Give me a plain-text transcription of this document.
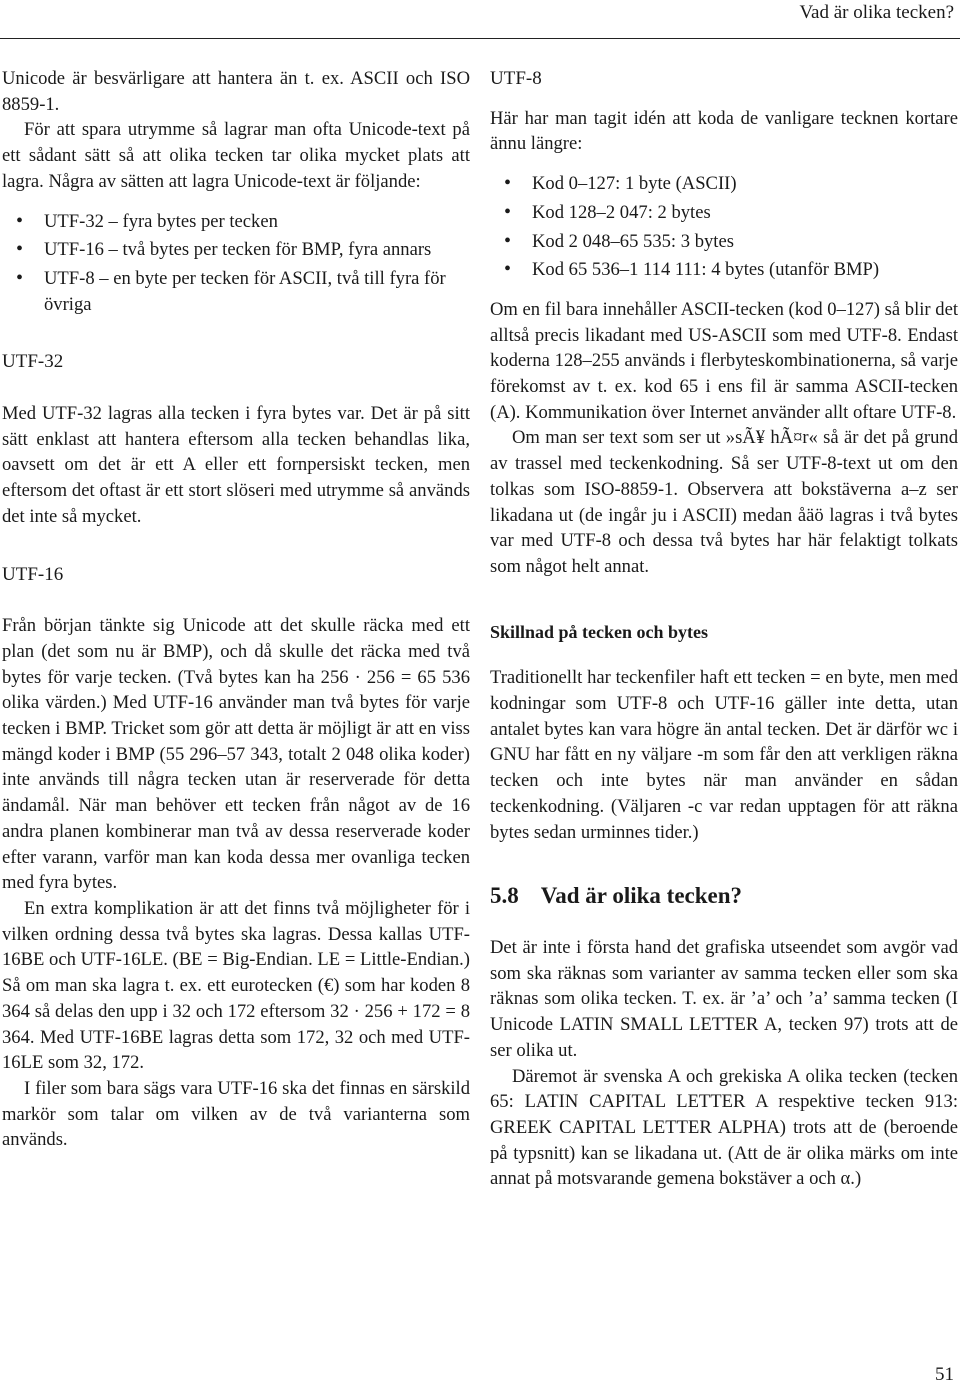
Vad är olika tecken?

Unicode är besvärligare att hantera än t. ex. ASCII och ISO 8859-1.

För att spara utrymme så lagrar man ofta Unicode-text på ett sådant sätt så att olika tecken tar olika mycket plats att lagra. Några av sätten att lagra Unicode-text är följande:

• UTF-32 – fyra bytes per tecken
• UTF-16 – två bytes per tecken för BMP, fyra annars
• UTF-8 – en byte per tecken för ASCII, två till fyra för övriga
UTF-32

Med UTF-32 lagras alla tecken i fyra bytes var. Det är på sitt sätt enklast att hantera eftersom alla tecken behandlas lika, oavsett om det är ett A eller ett fornpersiskt tecken, men eftersom det oftast är ett stort slöseri med utrymme så används det inte så mycket.

UTF-16

Från början tänkte sig Unicode att det skulle räcka med ett plan (det som nu är BMP), och då skulle det räcka med två bytes för varje tecken. (Två bytes kan ha 256 · 256 = 65 536 olika värden.) Med UTF-16 använder man två bytes för varje tecken i BMP. Tricket som gör att detta är möjligt är att en viss mängd koder i BMP (55 296–57 343, totalt 2 048 olika koder) inte används till några tecken utan är reserverade för detta ändamål. När man behöver ett tecken från något av de 16 andra planen kombinerar man två av dessa reserverade koder efter varann, varför man kan koda dessa mer ovanliga tecken med fyra bytes.

En extra komplikation är att det finns två möjligheter för i vilken ordning dessa två bytes ska lagras. Dessa kallas UTF-16BE och UTF-16LE. (BE = Big-Endian. LE = Little-Endian.) Så om man ska lagra t. ex. ett eurotecken (€) som har koden 8 364 så delas den upp i 32 och 172 eftersom 32 · 256 + 172 = 8 364. Med UTF-16BE lagras detta som 172, 32 och med UTF-16LE som 32, 172.

I filer som bara sägs vara UTF-16 ska det finnas en särskild markör som talar om vilken av de två varianterna som används.

UTF-8

Här har man tagit idén att koda de vanligare tecknen kortare ännu längre:

• Kod 0–127: 1 byte (ASCII)
• Kod 128–2 047: 2 bytes
• Kod 2 048–65 535: 3 bytes
• Kod 65 536–1 114 111: 4 bytes (utanför BMP)

Om en fil bara innehåller ASCII-tecken (kod 0–127) så blir det alltså precis likadant med US-ASCII som med UTF-8. Endast koderna 128–255 används i flerbyteskombinationerna, så varje förekomst av t. ex. kod 65 i ens fil är samma ASCII-tecken (A). Kommunikation över Internet använder allt oftare UTF-8.

Om man ser text som ser ut »sÃ¥ hÃ¤r« så är det på grund av trassel med teckenkodning. Så ser UTF-8-text ut om den tolkas som ISO-8859-1. Observera att bokstäverna a–z ser likadana ut (de ingår ju i ASCII) medan åäö lagras i två bytes var med UTF-8 och dessa två bytes har här felaktigt tolkats som något helt annat.

Skillnad på tecken och bytes

Traditionellt har teckenfiler haft ett tecken = en byte, men med kodningar som UTF-8 och UTF-16 gäller inte detta, utan antalet bytes kan vara högre än antal tecken. Det är därför wc i GNU har fått en ny väljare -m som får den att verkligen räkna tecken och inte bytes när man använder en sådan teckenkodning. (Väljaren -c var redan upptagen för att räkna bytes sedan urminnes tider.)

5.8 Vad är olika tecken?

Det är inte i första hand det grafiska utseendet som avgör vad som ska räknas som varianter av samma tecken eller som ska räknas som olika tecken. T. ex. är ’a’ och ’a’ samma tecken (I Unicode LATIN SMALL LETTER A, tecken 97) trots att de ser olika ut.

Däremot är svenska A och grekiska A olika tecken (tecken 65: LATIN CAPITAL LETTER A respektive tecken 913: GREEK CAPITAL LETTER ALPHA) trots att de (beroende på typsnitt) kan se likadana ut. (Att de är olika märks om inte annat på motsvarande gemena bokstäver a och α.)

51
